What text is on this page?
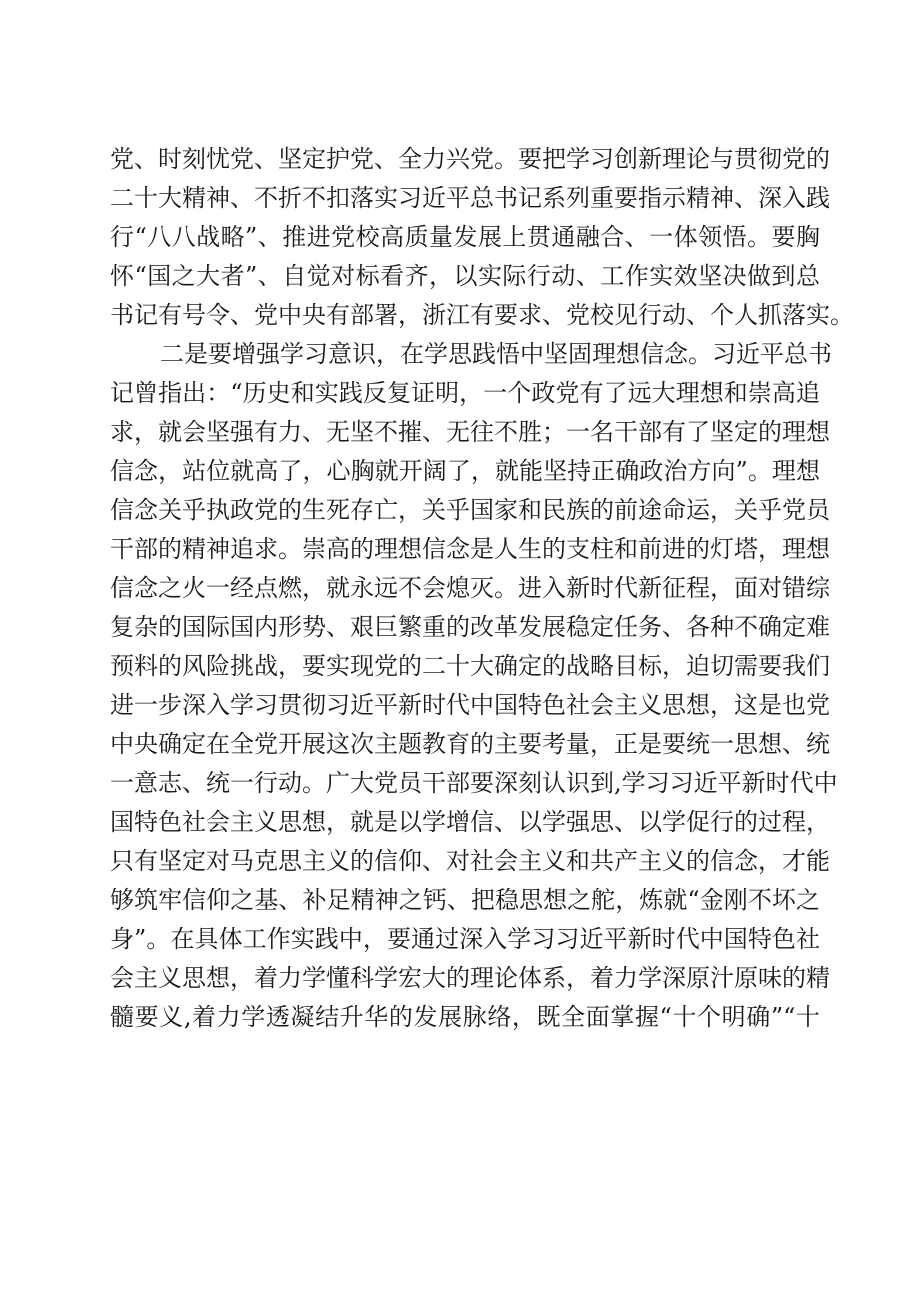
党、时刻忧党、坚定护党、全力兴党。要把学习创新理论与贯彻党的
二十大精神、不折不扣落实习近平总书记系列重要指示精神、深入践
行“八八战略”、推进党校高质量发展上贯通融合、一体领悟。要胸
怀“国之大者”、自觉对标看齐，以实际行动、工作实效坚决做到总
书记有号令、党中央有部署，浙江有要求、党校见行动、个人抓落实。
二是要增强学习意识，在学思践悟中坚固理想信念。习近平总书
记曾指出：“历史和实践反复证明，一个政党有了远大理想和崇高追
求，就会坚强有力、无坚不摧、无往不胜；一名干部有了坚定的理想
信念，站位就高了，心胸就开阔了，就能坚持正确政治方向”。理想
信念关乎执政党的生死存亡，关乎国家和民族的前途命运，关乎党员
干部的精神追求。崇高的理想信念是人生的支柱和前进的灯塔，理想
信念之火一经点燃，就永远不会熄灭。进入新时代新征程，面对错综
复杂的国际国内形势、艰巨繁重的改革发展稳定任务、各种不确定难
预料的风险挑战，要实现党的二十大确定的战略目标，迫切需要我们
进一步深入学习贯彻习近平新时代中国特色社会主义思想，这是也党
中央确定在全党开展这次主题教育的主要考量，正是要统一思想、统
一意志、统一行动。广大党员干部要深刻认识到,学习习近平新时代中
国特色社会主义思想，就是以学增信、以学强思、以学促行的过程，
只有坚定对马克思主义的信仰、对社会主义和共产主义的信念，才能
够筑牢信仰之基、补足精神之钙、把稳思想之舵，炼就“金刚不坏之
身”。在具体工作实践中，要通过深入学习习近平新时代中国特色社
会主义思想，着力学懂科学宏大的理论体系，着力学深原汁原味的精
髓要义,着力学透凝结升华的发展脉络，既全面掌握“十个明确”“十
